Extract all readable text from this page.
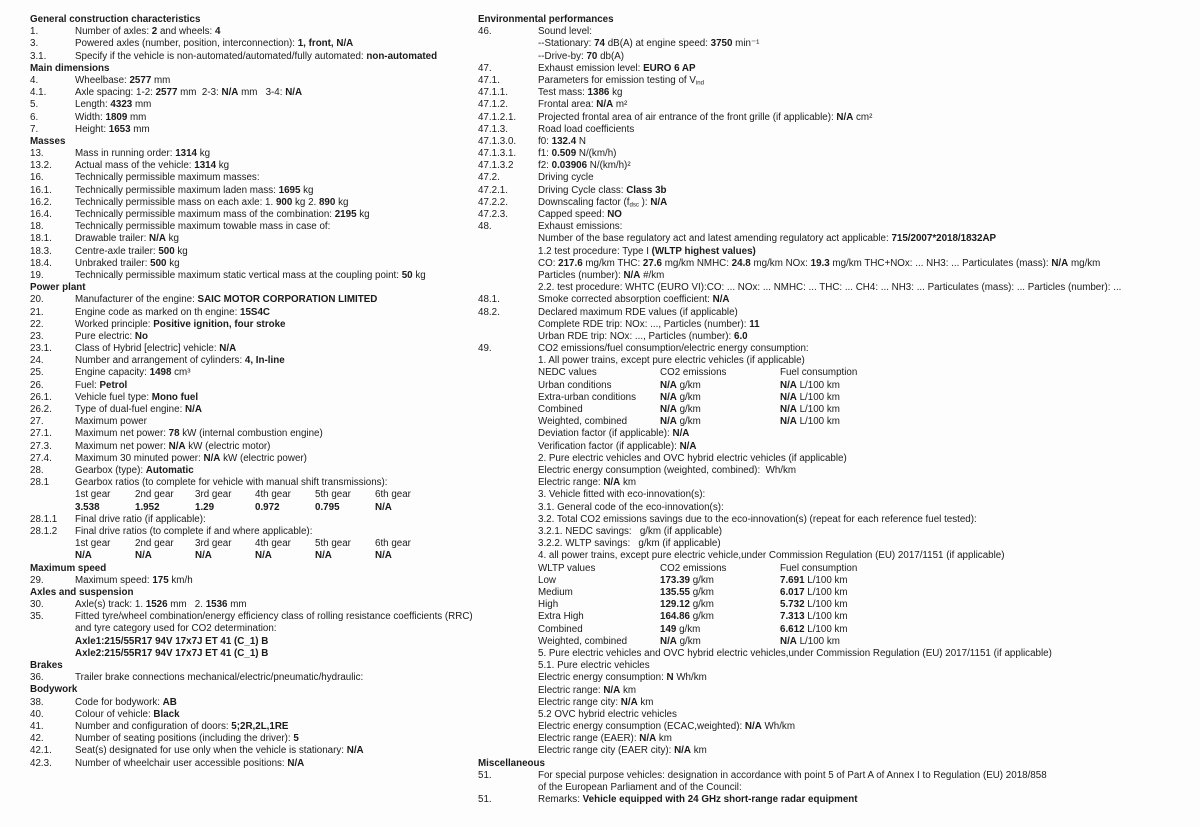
General construction characteristics
1.	Number of axles: 2 and wheels: 4
3.	Powered axles (number, position, interconnection): 1, front, N/A
3.1.	Specify if the vehicle is non-automated/automated/fully automated: non-automated
Main dimensions
4.	Wheelbase: 2577 mm
4.1.	Axle spacing: 1-2: 2577 mm  2-3: N/A mm   3-4: N/A
5.	Length: 4323 mm
6.	Width: 1809 mm
7.	Height: 1653 mm
Masses
13.	Mass in running order: 1314 kg
13.2.	Actual mass of the vehicle: 1314 kg
16.	Technically permissible maximum masses:
16.1.	Technically permissible maximum laden mass: 1695 kg
16.2.	Technically permissible mass on each axle: 1. 900 kg 2. 890 kg
16.4.	Technically permissible maximum mass of the combination: 2195 kg
18.	Technically permissible maximum towable mass in case of:
18.1.	Drawable trailer: N/A kg
18.3.	Centre-axle trailer: 500 kg
18.4.	Unbraked trailer: 500 kg
19.	Technically permissible maximum static vertical mass at the coupling point: 50 kg
Power plant
20.	Manufacturer of the engine: SAIC MOTOR CORPORATION LIMITED
21.	Engine code as marked on th engine: 15S4C
22.	Worked principle: Positive ignition, four stroke
23.	Pure electric: No
23.1.	Class of Hybrid [electric] vehicle: N/A
24.	Number and arrangement of cylinders: 4, In-line
25.	Engine capacity: 1498 cm³
26.	Fuel: Petrol
26.1.	Vehicle fuel type: Mono fuel
26.2.	Type of dual-fuel engine: N/A
27.	Maximum power
27.1.	Maximum net power: 78 kW (internal combustion engine)
27.3.	Maximum net power: N/A kW (electric motor)
27.4.	Maximum 30 minuted power: N/A kW (electric power)
28.	Gearbox (type): Automatic
28.1	Gearbox ratios (to complete for vehicle with manual shift transmissions):
1st gear	2nd gear 3rd gear 4th gear 5th gear 6th gear
3.538	1.952	1.29	0.972	0.795	N/A
28.1.1	Final drive ratio (if applicable):
28.1.2	Final drive ratios (to complete if and where applicable):
1st gear	2nd gear 3rd gear 4th gear 5th gear 6th gear
N/A	N/A	N/A	N/A	N/A	N/A
Maximum speed
29.	Maximum speed: 175 km/h
Axles and suspension
30.	Axle(s) track: 1. 1526 mm   2. 1536 mm
35.	Fitted tyre/wheel combination/energy efficiency class of rolling resistance coefficients (RRC)
and tyre category used for CO2 determination:
Axle1:215/55R17 94V 17x7J ET 41 (C_1) B
Axle2:215/55R17 94V 17x7J ET 41 (C_1) B
Brakes
36.	Trailer brake connections mechanical/electric/pneumatic/hydraulic:
Bodywork
38.	Code for bodywork: AB
40.	Colour of vehicle: Black
41.	Number and configuration of doors: 5;2R,2L,1RE
42.	Number of seating positions (including the driver): 5
42.1.	Seat(s) designated for use only when the vehicle is stationary: N/A
42.3.	Number of wheelchair user accessible positions: N/A
Environmental performances
46.	Sound level:
--Stationary: 74 dB(A) at engine speed: 3750 min⁻¹
--Drive-by: 70 db(A)
47.	Exhaust emission level: EURO 6 AP
47.1.	Parameters for emission testing of $V_{ind}$
47.1.1.	Test mass: 1386 kg
47.1.2.	Frontal area: N/A m²
47.1.2.1.	Projected frontal area of air entrance of the front grille (if applicable): N/A cm²
47.1.3.	Road load coefficients
47.1.3.0.	f0: 132.4 N
47.1.3.1.	f1: 0.509 N/(km/h)
47.1.3.2	f2: 0.03906 N/(km/h)²
47.2.	Driving cycle
47.2.1.	Driving Cycle class: Class 3b
47.2.2.	Downscaling factor ($f_{dsc}$ ): N/A
47.2.3.	Capped speed: NO
48.	Exhaust emissions:
Number of the base regulatory act and latest amending regulatory act applicable: 715/2007*2018/1832AP
1.2 test procedure: Type I (WLTP highest values)
CO: 217.6 mg/km THC: 27.6 mg/km NMHC: 24.8 mg/km NOx: 19.3 mg/km THC+NOx: ... NH3: ... Particulates (mass): N/A mg/km
Particles (number): N/A #/km
2.2. test procedure: WHTC (EURO VI):CO: ... NOx: ... NMHC: ... THC: ... CH4: ... NH3: ... Particulates (mass): ... Particles (number): ...
48.1.	Smoke corrected absorption coefficient: N/A
48.2.	Declared maximum RDE values (if applicable)
Complete RDE trip: NOx: ..., Particles (number): 11
Urban RDE trip: NOx: ..., Particles (number): 6.0
49.	CO2 emissions/fuel consumption/electric energy consumption:
1. All power trains, except pure electric vehicles (if applicable)
NEDC values	CO2 emissions	Fuel consumption
Urban conditions	N/A g/km	N/A L/100 km
Extra-urban conditions N/A g/km	N/A L/100 km
Combined	N/A g/km	N/A L/100 km
Weighted, combined	N/A g/km	N/A L/100 km
Deviation factor (if applicable): N/A
Verification factor (if applicable): N/A
2. Pure electric vehicles and OVC hybrid electric vehicles (if applicable)
Electric energy consumption (weighted, combined):  Wh/km
Electric range: N/A km
3. Vehicle fitted with eco-innovation(s):
3.1. General code of the eco-innovation(s):
3.2. Total CO2 emissions savings due to the eco-innovation(s) (repeat for each reference fuel tested):
3.2.1. NEDC savings:   g/km (if applicable)
3.2.2. WLTP savings:   g/km (if applicable)
4. all power trains, except pure electric vehicle,under Commission Regulation (EU) 2017/1151 (if applicable)
WLTP values	CO2 emissions	Fuel consumption
Low	173.39 g/km	7.691 L/100 km
Medium	135.55 g/km	6.017 L/100 km
High	129.12 g/km	5.732 L/100 km
Extra High	164.86 g/km	7.313 L/100 km
Combined	149 g/km	6.612 L/100 km
Weighted, combined	N/A g/km	N/A L/100 km
5. Pure electric vehicles and OVC hybrid electric vehicles,under Commission Regulation (EU) 2017/1151 (if applicable)
5.1. Pure electric vehicles
Electric energy consumption: N Wh/km
Electric range: N/A km
Electric range city: N/A km
5.2 OVC hybrid electric vehicles
Electric energy consumption (ECAC,weighted): N/A Wh/km
Electric range (EAER): N/A km
Electric range city (EAER city): N/A km
Miscellaneous
51.	For special purpose vehicles: designation in accordance with point 5 of Part A of Annex I to Regulation (EU) 2018/858
of the European Parliament and of the Council:
51.	Remarks: Vehicle equipped with 24 GHz short-range radar equipment
